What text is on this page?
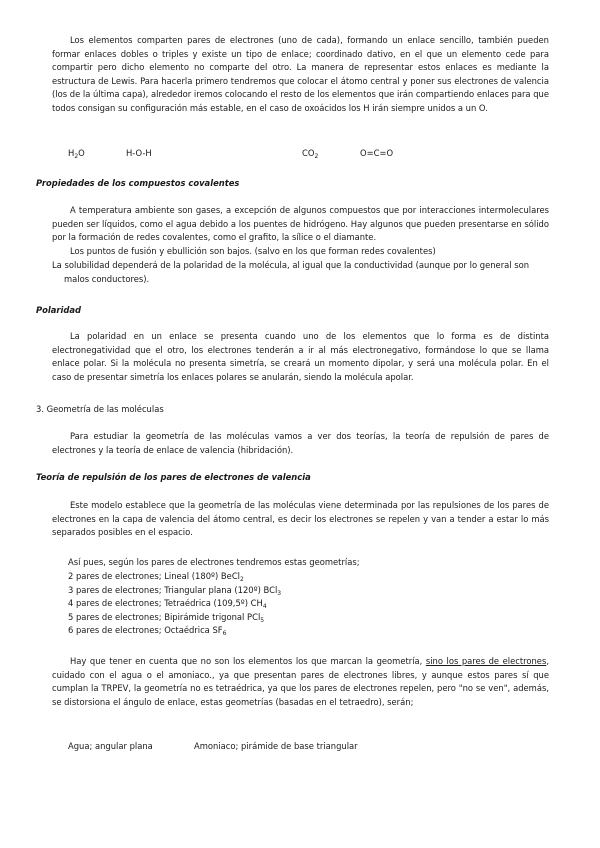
Los elementos comparten pares de electrones (uno de cada), formando un enlace sencillo, también pueden formar enlaces dobles o triples y existe un tipo de enlace; coordinado dativo, en el que un elemento cede para compartir pero dicho elemento no comparte del otro. La manera de representar estos enlaces es mediante la estructura de Lewis. Para hacerla primero tendremos que colocar el átomo central y poner sus electrones de valencia (los de la última capa), alrededor iremos colocando el resto de los elementos que irán compartiendo enlaces para que todos consigan su configuración más estable, en el caso de oxoácidos los H irán siempre unidos a un O.

$H_2O$	H-O-H	$CO_2$	O=C=O
Propiedades de los compuestos covalentes

A temperatura ambiente son gases, a excepción de algunos compuestos que por interacciones intermoleculares pueden ser líquidos, como el agua debido a los puentes de hidrógeno. Hay algunos que pueden presentarse en sólido por la formación de redes covalentes, como el grafito, la sílice o el diamante.

Los puntos de fusión y ebullición son bajos. (salvo en los que forman redes covalentes)
La solubilidad dependerá de la polaridad de la molécula, al igual que la conductividad (aunque por lo general son malos conductores).
Polaridad

La polaridad en un enlace se presenta cuando uno de los elementos que lo forma es de distinta electronegatividad que el otro, los electrones tenderán a ir al más electronegativo, formándose lo que se llama enlace polar. Si la molécula no presenta simetría, se creará un momento dipolar, y será una molécula polar. En el caso de presentar simetría los enlaces polares se anularán, siendo la molécula apolar.

3. Geometría de las moléculas

Para estudiar la geometría de las moléculas vamos a ver dos teorías, la teoría de repulsión de pares de electrones y la teoría de enlace de valencia (hibridación).

Teoría de repulsión de los pares de electrones de valencia

Este modelo establece que la geometría de las moléculas viene determinada por las repulsiones de los pares de electrones en la capa de valencia del átomo central, es decir los electrones se repelen y van a tender a estar lo más separados posibles en el espacio.

Así pues, según los pares de electrones tendremos estas geometrías;
2 pares de electrones; Lineal (180º) BeCl$_2$
3 pares de electrones; Triangular plana (120º) BCl$_3$
4 pares de electrones; Tetraédrica (109,5º) $CH_4$
5 pares de electrones; Bipirámide trigonal PCl$_5$
6 pares de electrones; Octaédrica $SF_6$

Hay que tener en cuenta que no son los elementos los que marcan la geometría, sino los pares de electrones, cuidado con el agua o el amoniaco., ya que presentan pares de electrones libres, y aunque estos pares sí que cumplan la TRPEV, la geometría no es tetraédrica, ya que los pares de electrones repelen, pero "no se ven", además, se distorsiona el ángulo de enlace, estas geometrías (basadas en el tetraedro), serán;

Agua; angular plana	Amoniaco; pirámide de base triangular
